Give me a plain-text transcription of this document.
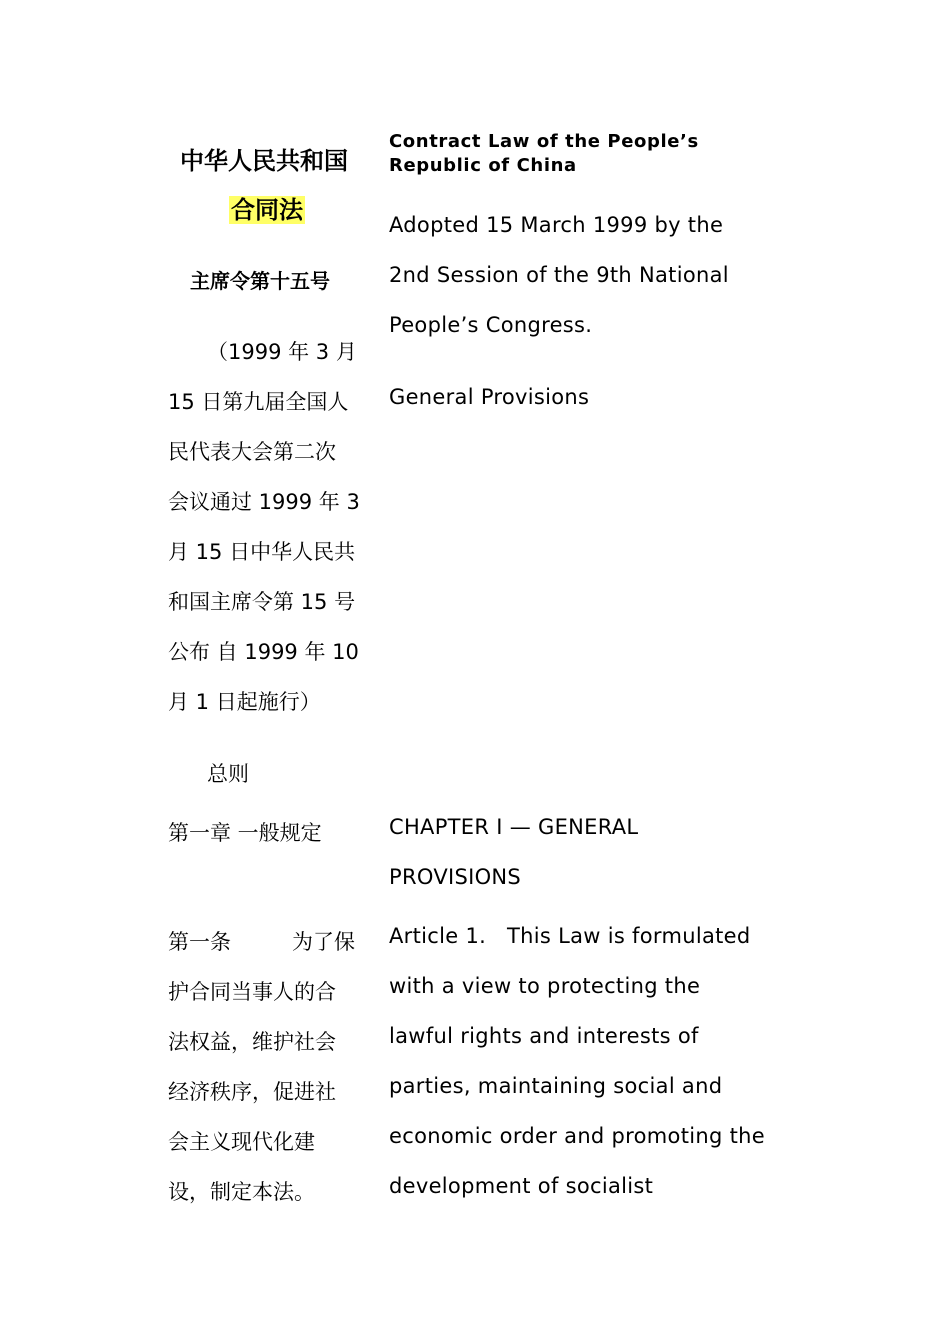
中华人民共和国
合同法
主席令第十五号
（1999 年 3 月
15 日第九届全国人
民代表大会第二次
会议通过 1999 年 3
月 15 日中华人民共
和国主席令第 15 号
公布 自 1999 年 10
月 1 日起施行）
总则
第一章 一般规定
第一条	为了保
护合同当事人的合
法权益，维护社会
经济秩序，促进社
会主义现代化建
设，制定本法。
Contract Law of the People’s
Republic of China
Adopted 15 March 1999 by the
2nd Session of the 9th National
People’s Congress.
General Provisions
CHAPTER I — GENERAL
PROVISIONS
Article 1. This Law is formulated
with a view to protecting the
lawful rights and interests of
parties, maintaining social and
economic order and promoting the
development of socialist
